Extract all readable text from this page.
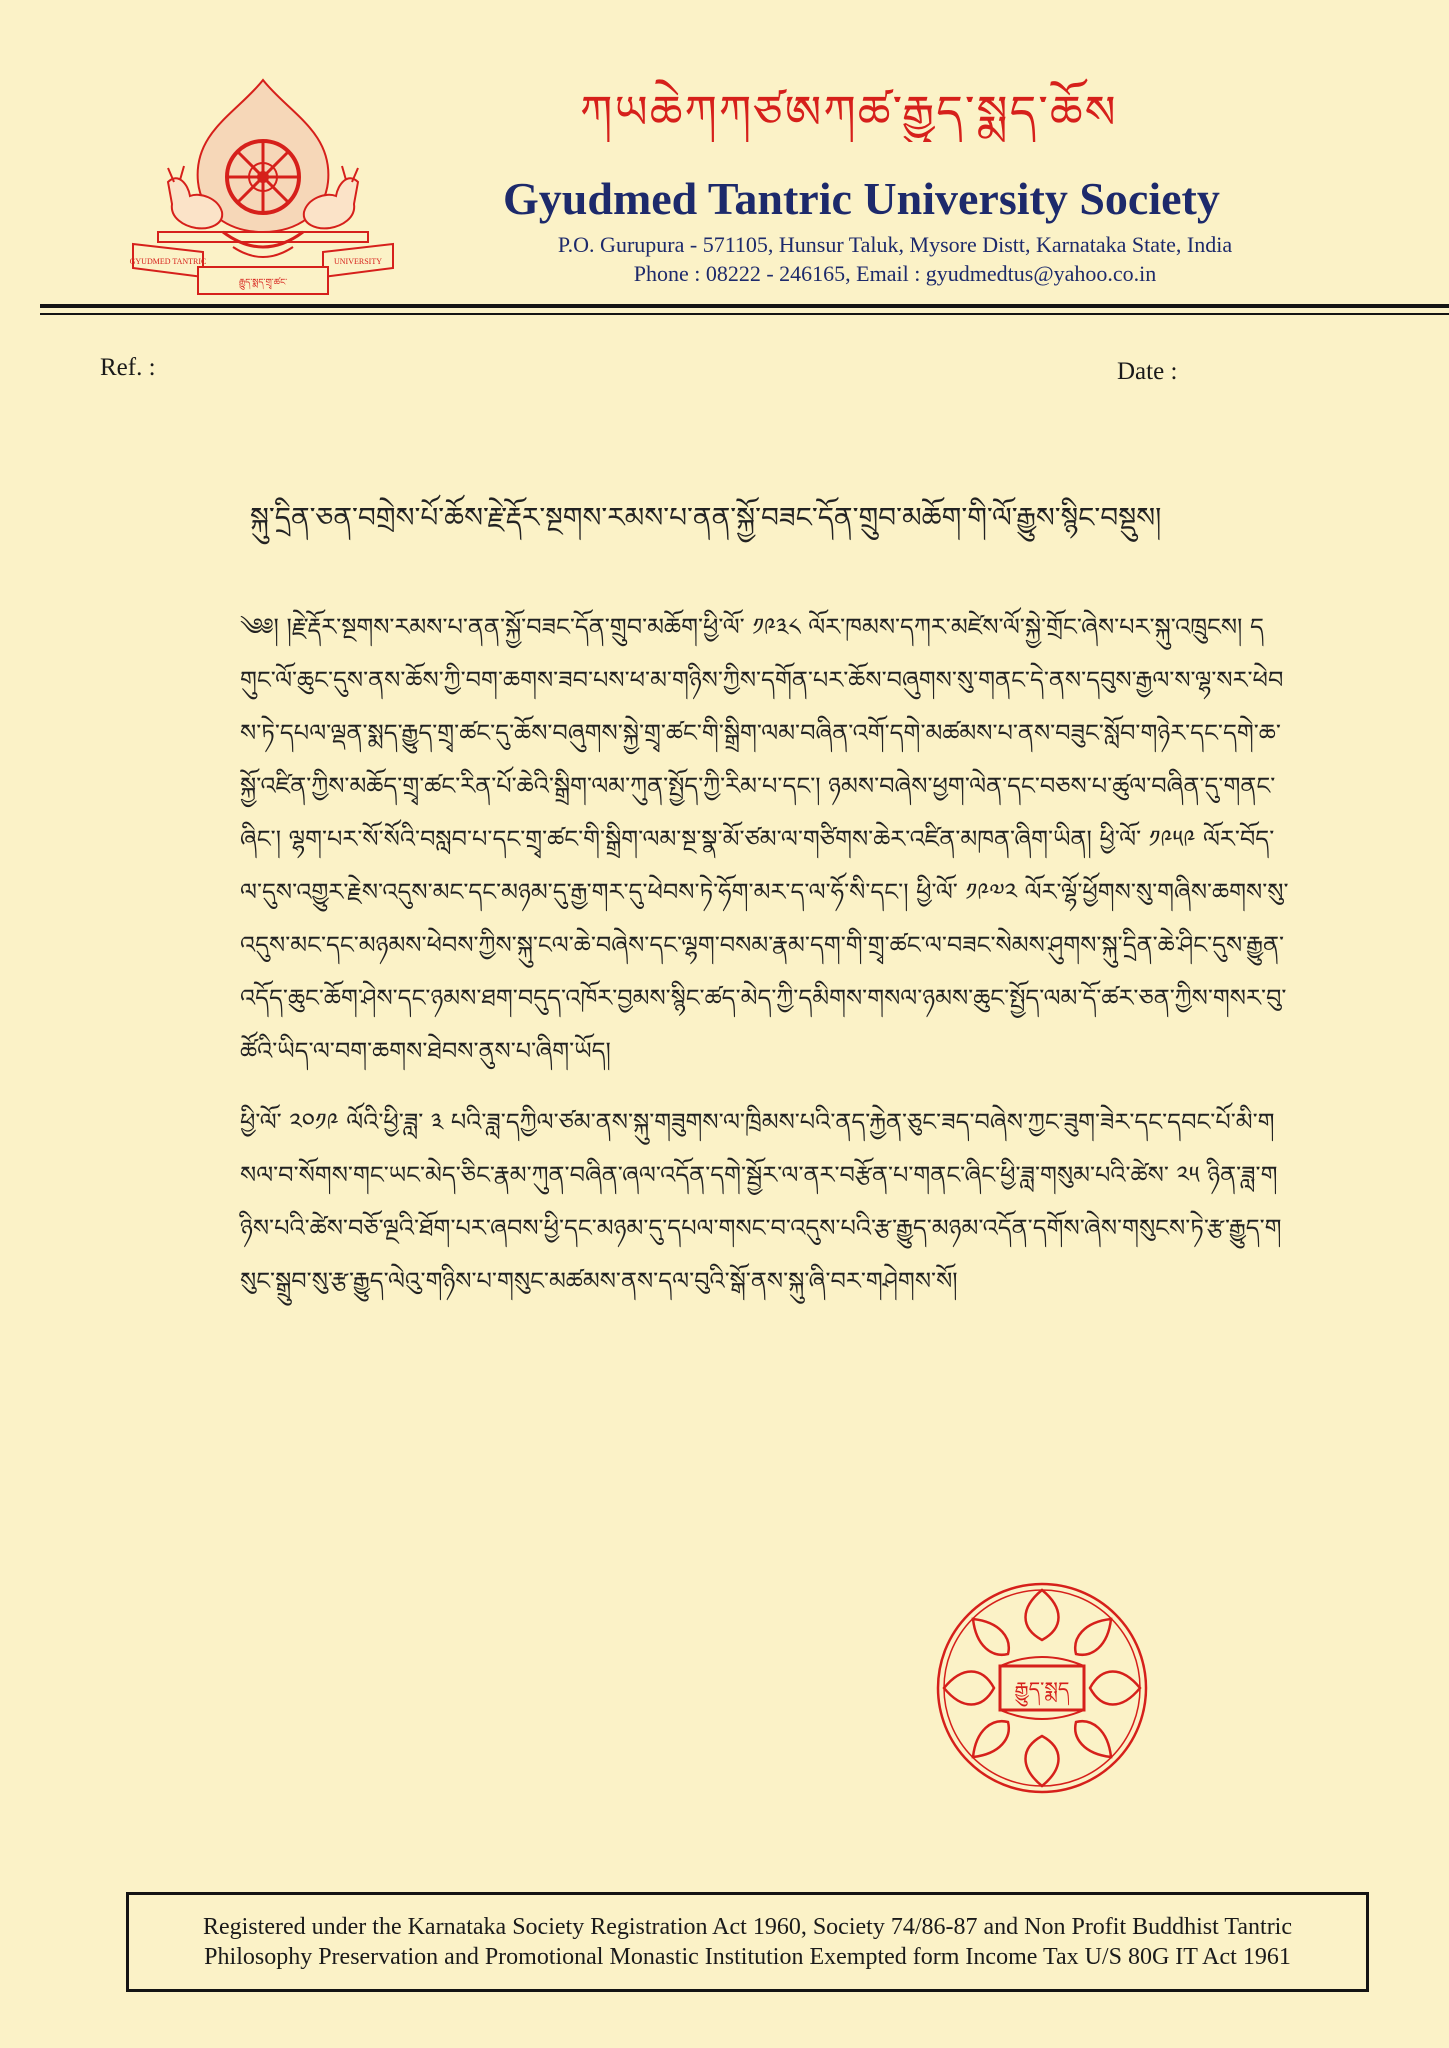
GYUDMED TANTRIC	UNIVERSITY
རྒྱུད་སྨད་གྲྭ་ཚང་
ཀཡཆེཀཀཙཨཀཚ་རྒྱུད་སྨད་ཆོས
Gyudmed Tantric University Society
P.O. Gurupura - 571105, Hunsur Taluk, Mysore Distt, Karnataka State, India
Phone : 08222 - 246165, Email : gyudmedtus@yahoo.co.in
Ref. :	Date :
སྐུ་དྲིན་ཅན་བགྲེས་པོ་ཆོས་རྗེ་རྡོར་སྔགས་རམས་པ་ནན་སྐྱོ་བཟང་དོན་གྲུབ་མཆོག་གི་ལོ་རྒྱུས་སྙིང་བསྡུས།

༄༅། །རྗེ་རྡོར་སྔགས་རམས་པ་ནན་སྐྱོ་བཟང་དོན་གྲུབ་མཆོག་ཕྱི་ལོ་ ༡༩༣༨ ལོར་ཁམས་དཀར་མཛེས་ལོ་སྐྱེ་གྲོང་ཞེས་པར་སྐུ་འཁྲུངས། དགུང་ལོ་ཆུང་དུས་ནས་ཆོས་ཀྱི་བག་ཆགས་ཟབ་པས་ཕ་མ་གཉིས་ཀྱིས་དགོན་པར་ཆོས་བཞུགས་སུ་གནང་དེ་ནས་དབུས་རྒྱལ་ས་ལྷ་སར་ཕེབས་ཏེ་དཔལ་ལྡན་སྨད་རྒྱུད་གྲྭ་ཚང་དུ་ཆོས་བཞུགས་སྐྱེ་གྲྭ་ཚང་གི་སྒྲིག་ལམ་བཞིན་འགོ་དགེ་མཚམས་པ་ནས་བཟུང་སློབ་གཉེར་དང་དགེ་ཆ་སྐྱོ་འཛིན་ཀྱིས་མཆོད་གྲྭ་ཚང་རིན་པོ་ཆེའི་སྒྲིག་ལམ་ཀུན་སྤྱོད་ཀྱི་རིམ་པ་དང་། ཉམས་བཞེས་ཕྱག་ལེན་དང་བཅས་པ་ཚུལ་བཞིན་དུ་གནང་ཞིང་། ལྷག་པར་སོ་སོའི་བསླབ་པ་དང་གྲྭ་ཚང་གི་སྒྲིག་ལམ་སྔ་སྣ་མོ་ཙམ་ལ་གཙིགས་ཆེར་འཛིན་མཁན་ཞིག་ཡིན། ཕྱི་ལོ་ ༡༩༥༩ ལོར་བོད་ལ་དུས་འགྱུར་རྗེས་འདུས་མང་དང་མཉམ་དུ་རྒྱ་གར་དུ་ཕེབས་ཏེ་ཧོག་མར་ད་ལ་ཧོ་སི་དང་། ཕྱི་ལོ་ ༡༩༧༢ ལོར་ལྷོ་ཕྱོགས་སུ་གཞིས་ཆགས་སུ་འདུས་མང་དང་མཉམས་ཕེབས་ཀྱིས་སྐུ་ངལ་ཆེ་བཞེས་དང་ལྷག་བསམ་རྣམ་དག་གི་གྲྭ་ཚང་ལ་བཟང་སེམས་ཤུགས་སྐུ་དྲིན་ཆེ་ཤིང་དུས་རྒྱུན་འདོད་ཆུང་ཆོག་ཤེས་དང་ཉམས་ཐག་བདུད་འཁོར་བྱམས་སྙིང་ཚད་མེད་ཀྱི་དམིགས་གསལ་ཉམས་ཆུང་སྤྱོད་ལམ་དོ་ཚར་ཅན་ཀྱིས་གསར་བུ་ཚོའི་ཡིད་ལ་བག་ཆགས་ཐེབས་ནུས་པ་ཞིག་ཡོད།

ཕྱི་ལོ་ ༢༠༡༩ ལོའི་ཕྱི་ཟླ་ ༣ པའི་ཟླ་དཀྱིལ་ཙམ་ནས་སྐུ་གཟུགས་ལ་ཁྲིམས་པའི་ནད་རྐྱེན་ཅུང་ཟད་བཞེས་ཀྱང་ཟུག་ཟེར་དང་དབང་པོ་མི་གསལ་བ་སོགས་གང་ཡང་མེད་ཅིང་རྣམ་ཀུན་བཞིན་ཞལ་འདོན་དགེ་སྦྱོར་ལ་ནར་བརྩོན་པ་གནང་ཞིང་ཕྱི་ཟླ་གསུམ་པའི་ཚེས་ ༢༥ ཉིན་ཟླ་གཉིས་པའི་ཚེས་བཅོ་ལྔའི་ཐོག་པར་ཞབས་ཕྱི་དང་མཉམ་དུ་དཔལ་གསང་བ་འདུས་པའི་རྩ་རྒྱུད་མཉམ་འདོན་དགོས་ཞེས་གསུངས་ཏེ་རྩ་རྒྱུད་གསུང་སྒྲུབ་སུ་རྩ་རྒྱུད་ལེའུ་གཉིས་པ་གསུང་མཚམས་ནས་དལ་བུའི་སྒོ་ནས་སྐུ་ཞི་བར་གཤེགས་སོ།

རྒྱུད་སྨད
Registered under the Karnataka Society Registration Act 1960, Society 74/86-87 and Non Profit Buddhist Tantric
Philosophy Preservation and Promotional Monastic Institution Exempted form Income Tax U/S 80G IT Act 1961
